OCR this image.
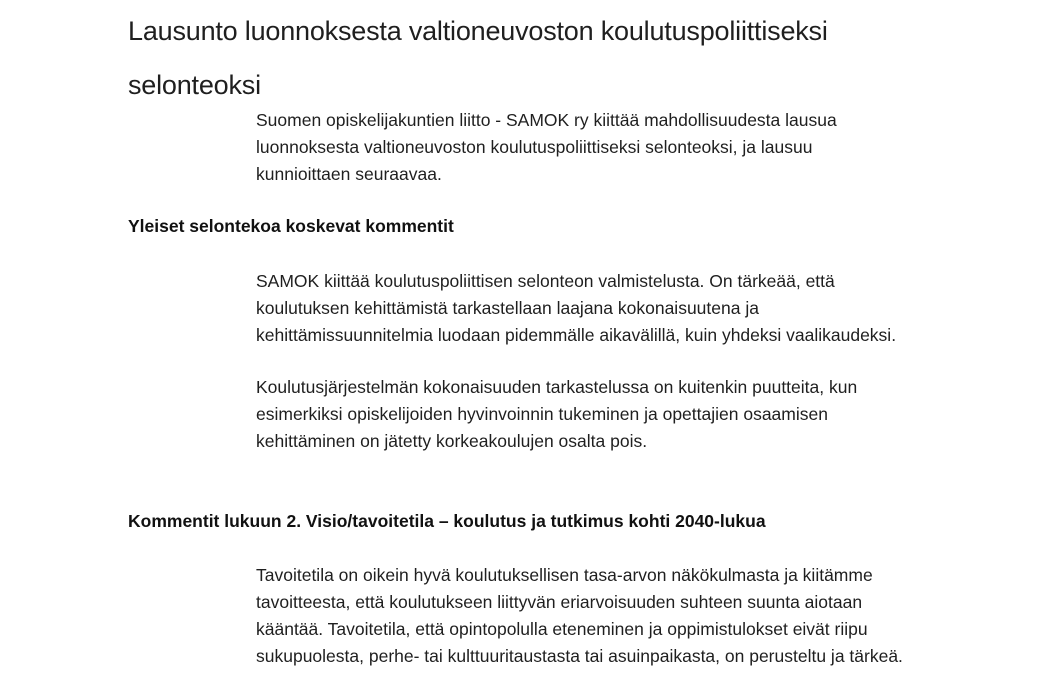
Lausunto luonnoksesta valtioneuvoston koulutuspoliittiseksi
selonteoksi
Suomen opiskelijakuntien liitto - SAMOK ry kiittää mahdollisuudesta lausua
luonnoksesta valtioneuvoston koulutuspoliittiseksi selonteoksi, ja lausuu
kunnioittaen seuraavaa.
Yleiset selontekoa koskevat kommentit
SAMOK kiittää koulutuspoliittisen selonteon valmistelusta. On tärkeää, että
koulutuksen kehittämistä tarkastellaan laajana kokonaisuutena ja
kehittämissuunnitelmia luodaan pidemmälle aikavälillä, kuin yhdeksi vaalikaudeksi.
Koulutusjärjestelmän kokonaisuuden tarkastelussa on kuitenkin puutteita, kun
esimerkiksi opiskelijoiden hyvinvoinnin tukeminen ja opettajien osaamisen
kehittäminen on jätetty korkeakoulujen osalta pois.
Kommentit lukuun 2. Visio/tavoitetila – koulutus ja tutkimus kohti 2040-lukua
Tavoitetila on oikein hyvä koulutuksellisen tasa-arvon näkökulmasta ja kiitämme
tavoitteesta, että koulutukseen liittyvän eriarvoisuuden suhteen suunta aiotaan
kääntää. Tavoitetila, että opintopolulla eteneminen ja oppimistulokset eivät riipu
sukupuolesta, perhe- tai kulttuuritaustasta tai asuinpaikasta, on perusteltu ja tärkeä.
